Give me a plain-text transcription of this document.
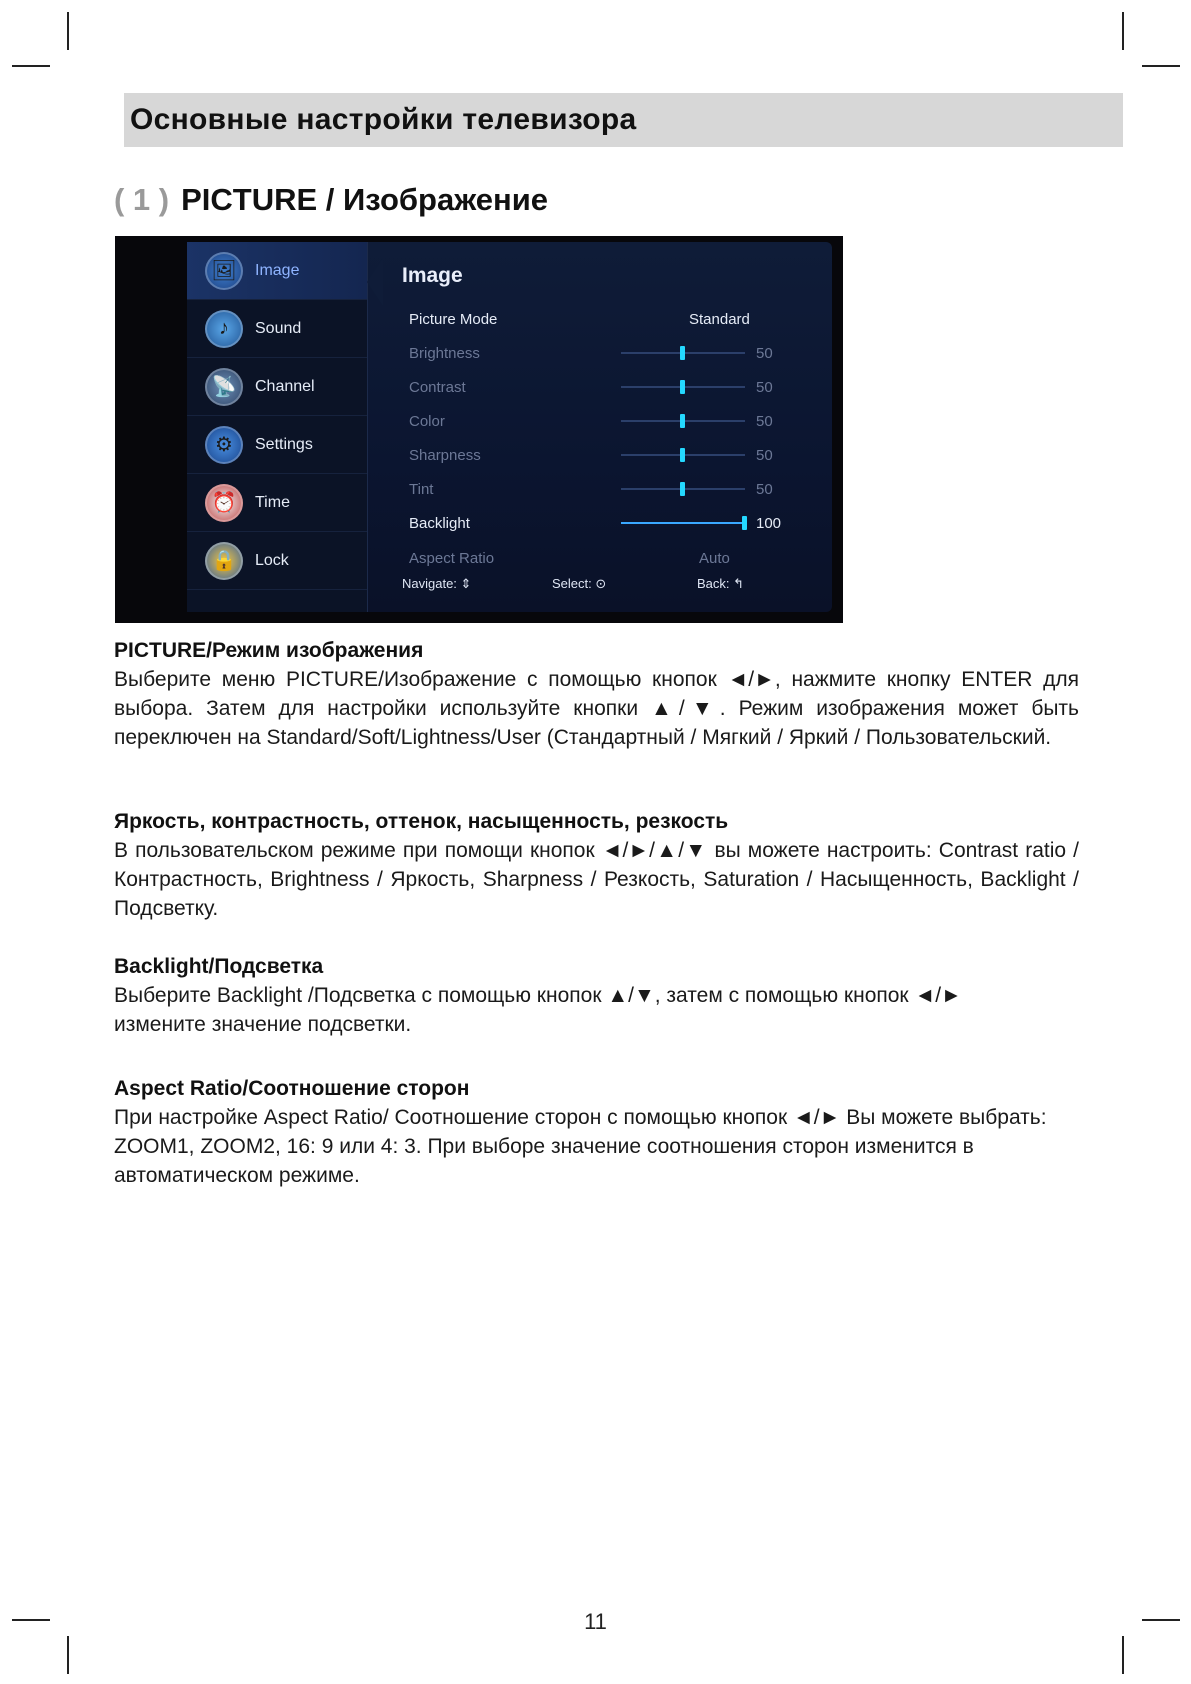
Основные настройки телевизора
( 1 ) PICTURE / Изображение
🖼	Image
♪	Sound
📡	Channel
⚙	Settings
⏰	Time
🔒	Lock
Image
Picture Mode	Standard
Brightness	50
Contrast	50
Color	50
Sharpness	50
Tint	50
Backlight	100
Aspect Ratio	Auto
Navigate: ⇕	Select: ⊙	Back: ↰
PICTURE/Режим изображения

Выберите меню PICTURE/Изображение с помощью кнопок ◄/►, нажмите кнопку ENTER для выбора. Затем для настройки используйте кнопки ▲/▼. Режим изображения может быть переключен на Standard/Soft/Lightness/User (Стандартный / Мягкий / Яркий / Пользовательский.

Яркость, контрастность, оттенок, насыщенность, резкость

В пользовательском режиме при помощи кнопок ◄/►/▲/▼ вы можете настроить: Contrast ratio / Контрастность, Brightness / Яркость, Sharpness / Резкость, Saturation / Насыщенность, Backlight / Подсветку.

Backlight/Подсветка

Выберите Backlight /Подсветка с помощью кнопок ▲/▼, затем с помощью кнопок ◄/► измените значение подсветки.

Aspect Ratio/Соотношение сторон

При настройке Aspect Ratio/ Соотношение сторон с помощью кнопок ◄/► Вы можете выбрать: ZOOM1, ZOOM2, 16: 9 или 4: 3. При выборе значение соотношения сторон изменится в автоматическом режиме.

11
